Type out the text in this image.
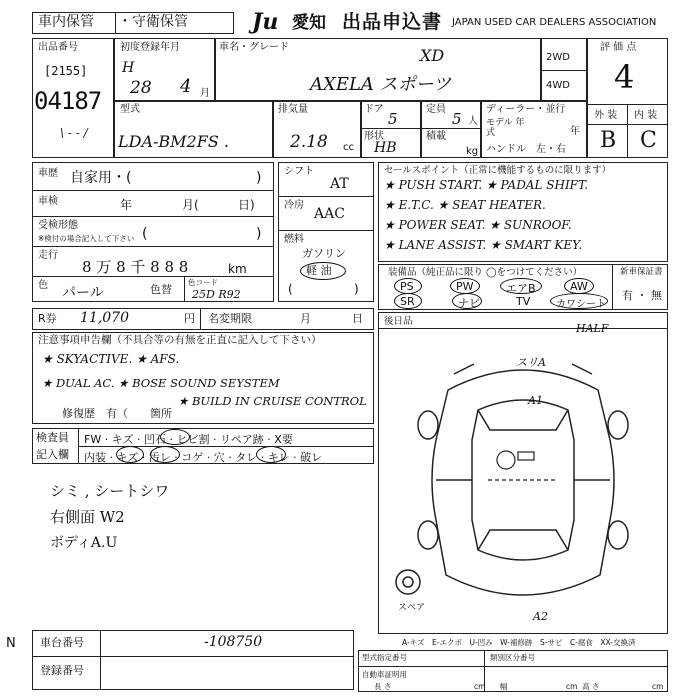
車内保管 ・守衛保管	Ju 愛知 出品申込書 JAPAN USED CAR DEALERS ASSOCIATION
出品番号
[2155]
04187
\ - - /
初度登録年月
H
28 4 月
車名・グレード	XD
AXELA スポーツ
2WD
4WD
評 価 点
4
外 装 内 装
B C
型式
LDA-BM2FS .
排気量
2.18 cc
ドア
5
定員
5 人
形状
HB
積載
kg
ディーラー・並行
モデル 年式	年
ハンドル　左・右
車歴 自家用・(	)
車検	年	月(	日)
受検形態
※検付の場合記入して下さい (	)
走行
8 万 8 千 8 8 8	km
色 パール	色替
色コード
25D R92
シフト
AT
冷房
AAC
燃料
ガソリン
軽 油
(	)
セールスポイント（正常に機能するものに限ります）
★ PUSH START. ★ PADAL SHIFT.
★ E.T.C. ★ SEAT HEATER.
★ POWER SEAT. ★ SUNROOF.
★ LANE ASSIST. ★ SMART KEY.
装備品（純正品に限り ◯をつけてください）
PS	PW	エアB	AW
SR	ナビ	TV	カワシート
新車保証書
有 ・ 無
R券 11,070	円 名変期限	月	日
注意事項申告欄（不具合等の有無を正直に記入して下さい）
★ SKYACTIVE. ★ AFS.
★ DUAL AC. ★ BOSE SOUND SEYSTEM
★ BUILD IN CRUISE CONTROL
修復歴　有（ 箇所
検査員
記入欄
FW · キズ · 凹石 · ヒビ割 · リペア跡 · X要
内装 · キズ · 汚レ · コゲ · 穴 · タレ · キレ · 破レ
シミ , シートシワ
右側面 W2
ボディA.U
後日品
HALF
スリA
A1
A2
スペア
A-キズ　E-エクボ　U-凹み　W-補修跡　S-サビ　C-腐食　XX-交換済
N 車台番号	-108750
登録番号
型式指定番号	類別区分番号
自動車証明用
長 さ	cm 幅	cm 高 さ	cm
